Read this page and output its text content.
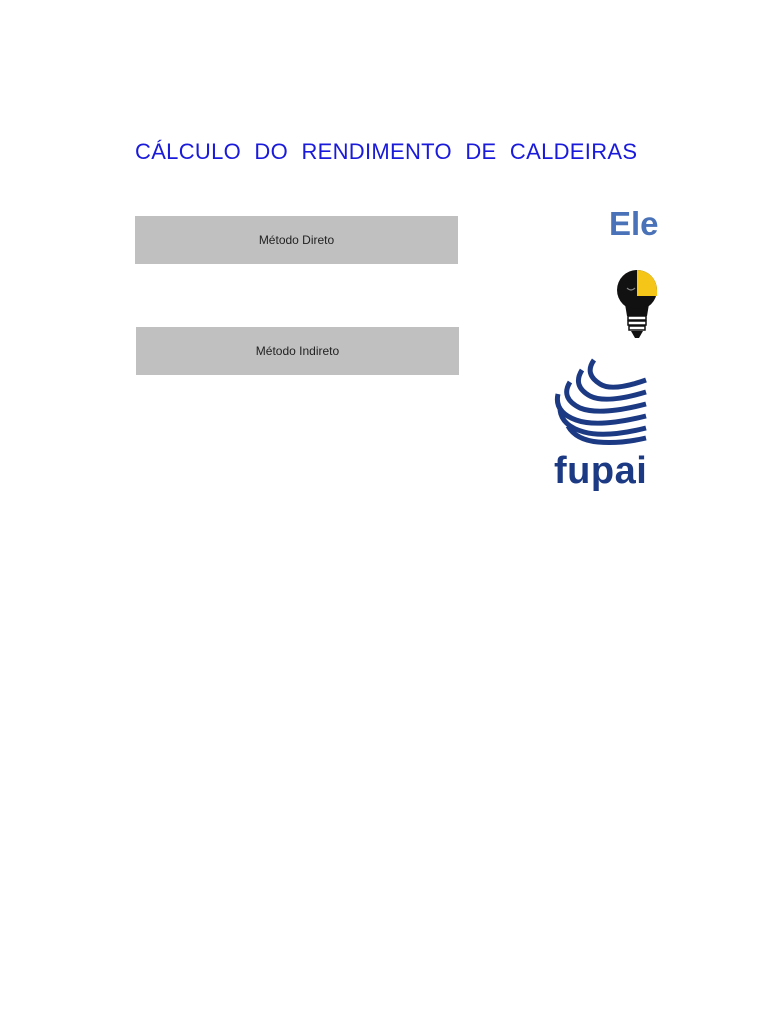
CÁLCULO DO RENDIMENTO DE CALDEIRAS
Método Direto
Método Indireto
Ele
fupai
